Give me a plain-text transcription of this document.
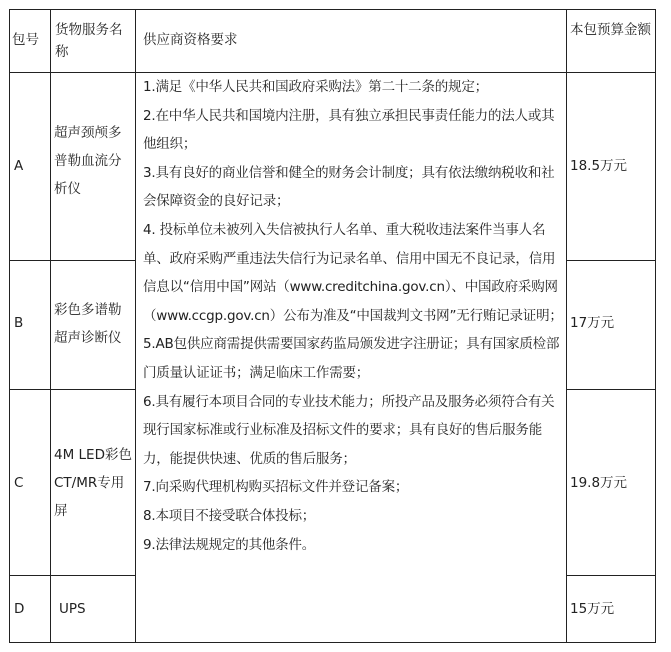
包号
货物服务名称
供应商资格要求
本包预算金额
A
超声颈颅多普勒血流分析仪
18.5万元
B
彩色多谱勒超声诊断仪
17万元
C
4M LED彩色CT/MR专用屏
19.8万元
D	UPS	15万元
1.满足《中华人民共和国政府采购法》第二十二条的规定；
2.在中华人民共和国境内注册，具有独立承担民事责任能力的法人或其他组织；
3.具有良好的商业信誉和健全的财务会计制度；具有依法缴纳税收和社会保障资金的良好记录；
4. 投标单位未被列入失信被执行人名单、重大税收违法案件当事人名单、政府采购严重违法失信行为记录名单、信用中国无不良记录，信用信息以“信用中国”网站（www.creditchina.gov.cn）、中国政府采购网（www.ccgp.gov.cn）公布为准及“中国裁判文书网”无行贿记录证明；
5.AB包供应商需提供需要国家药监局颁发进字注册证；具有国家质检部门质量认证证书；满足临床工作需要；
6.具有履行本项目合同的专业技术能力；所投产品及服务必须符合有关现行国家标准或行业标准及招标文件的要求；具有良好的售后服务能力，能提供快速、优质的售后服务；
7.向采购代理机构购买招标文件并登记备案；
8.本项目不接受联合体投标；
9.法律法规规定的其他条件。
